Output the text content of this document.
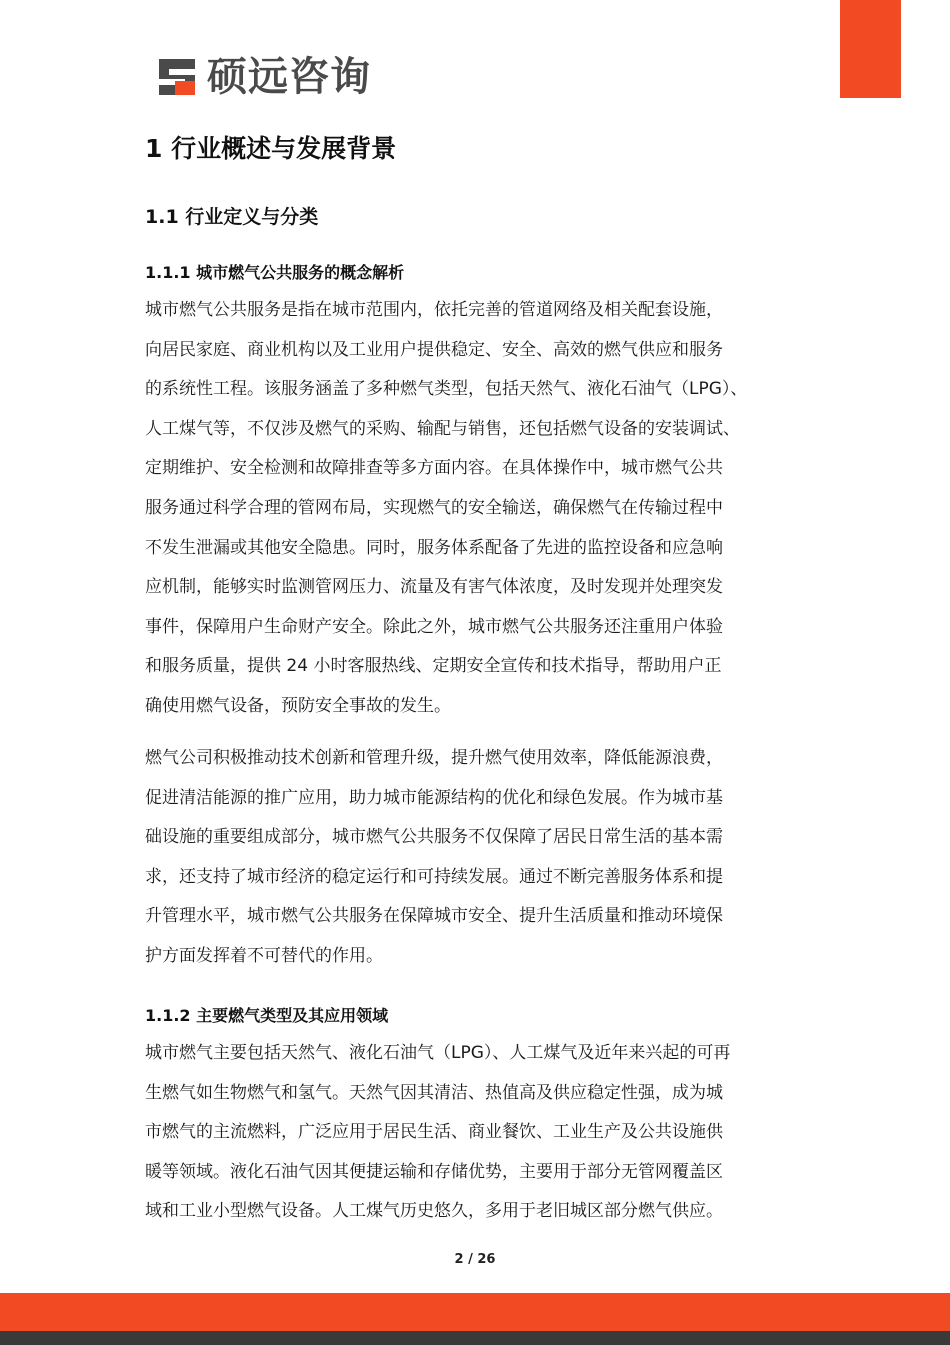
硕远咨询
1 行业概述与发展背景
1.1 行业定义与分类
1.1.1 城市燃气公共服务的概念解析
城市燃气公共服务是指在城市范围内，依托完善的管道网络及相关配套设施，
向居民家庭、商业机构以及工业用户提供稳定、安全、高效的燃气供应和服务
的系统性工程。该服务涵盖了多种燃气类型，包括天然气、液化石油气（LPG）、
人工煤气等，不仅涉及燃气的采购、输配与销售，还包括燃气设备的安装调试、
定期维护、安全检测和故障排查等多方面内容。在具体操作中，城市燃气公共
服务通过科学合理的管网布局，实现燃气的安全输送，确保燃气在传输过程中
不发生泄漏或其他安全隐患。同时，服务体系配备了先进的监控设备和应急响
应机制，能够实时监测管网压力、流量及有害气体浓度，及时发现并处理突发
事件，保障用户生命财产安全。除此之外，城市燃气公共服务还注重用户体验
和服务质量，提供 24 小时客服热线、定期安全宣传和技术指导，帮助用户正
确使用燃气设备，预防安全事故的发生。
燃气公司积极推动技术创新和管理升级，提升燃气使用效率，降低能源浪费，
促进清洁能源的推广应用，助力城市能源结构的优化和绿色发展。作为城市基
础设施的重要组成部分，城市燃气公共服务不仅保障了居民日常生活的基本需
求，还支持了城市经济的稳定运行和可持续发展。通过不断完善服务体系和提
升管理水平，城市燃气公共服务在保障城市安全、提升生活质量和推动环境保
护方面发挥着不可替代的作用。
1.1.2 主要燃气类型及其应用领域
城市燃气主要包括天然气、液化石油气（LPG）、人工煤气及近年来兴起的可再
生燃气如生物燃气和氢气。天然气因其清洁、热值高及供应稳定性强，成为城
市燃气的主流燃料，广泛应用于居民生活、商业餐饮、工业生产及公共设施供
暖等领域。液化石油气因其便捷运输和存储优势，主要用于部分无管网覆盖区
域和工业小型燃气设备。人工煤气历史悠久，多用于老旧城区部分燃气供应。
2 / 26
